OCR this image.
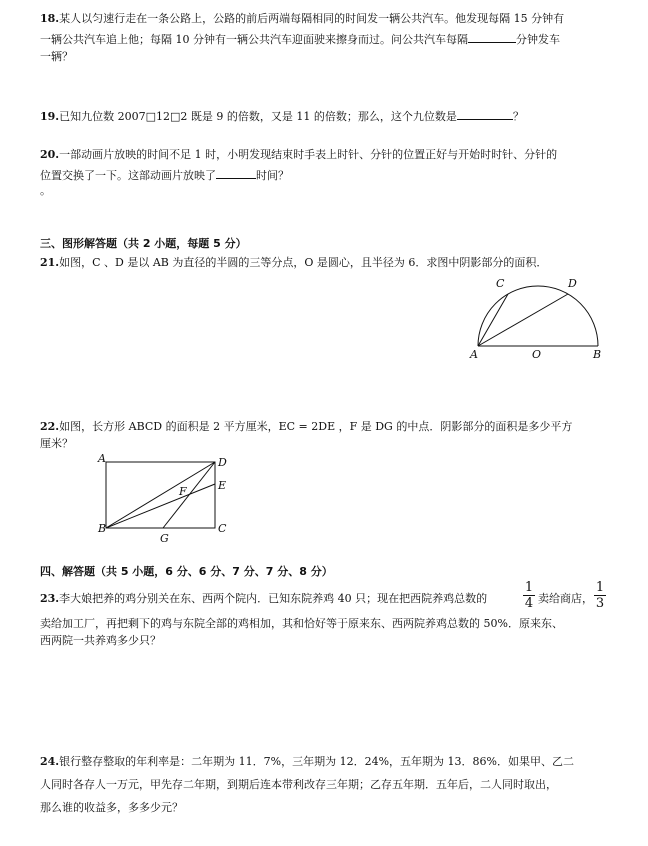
18.某人以匀速行走在一条公路上，公路的前后两端每隔相同的时间发一辆公共汽车。他发现每隔 15 分钟有
一辆公共汽车追上他；每隔 10 分钟有一辆公共汽车迎面驶来擦身而过。问公共汽车每隔	分钟发车
一辆？
19.已知九位数 2007□12□2 既是 9 的倍数，又是 11 的倍数；那么，这个九位数是	？
20.一部动画片放映的时间不足 1 时，小明发现结束时手表上时针、分针的位置正好与开始时时针、分针的
位置交换了一下。这部动画片放映了	时间？
。
三、图形解答题（共 2 小题，每题 5 分）
21.如图，C 、D 是以 AB 为直径的半圆的三等分点，O 是圆心，且半径为 6．求图中阴影部分的面积．
C	D
A	O	B
22.如图，长方形 ABCD 的面积是 2 平方厘米，EC = 2DE ，F 是 DG 的中点．阴影部分的面积是多少平方
厘米？
A	D
E
F
B	C
G
四、解答题（共 5 小题，6 分、6 分、7 分、7 分、8 分）
23.李大娘把养的鸡分别关在东、西两个院内．已知东院养鸡 40 只；现在把西院养鸡总数的
1
4 卖给商店，
1
3
卖给加工厂，再把剩下的鸡与东院全部的鸡相加，其和恰好等于原来东、西两院养鸡总数的 50%．原来东、
西两院一共养鸡多少只？
24.银行整存整取的年利率是：二年期为 11．7%，三年期为 12．24%，五年期为 13．86%．如果甲、乙二
人同时各存人一万元，甲先存二年期，到期后连本带利改存三年期；乙存五年期．五年后，二人同时取出，
那么谁的收益多，多多少元？
